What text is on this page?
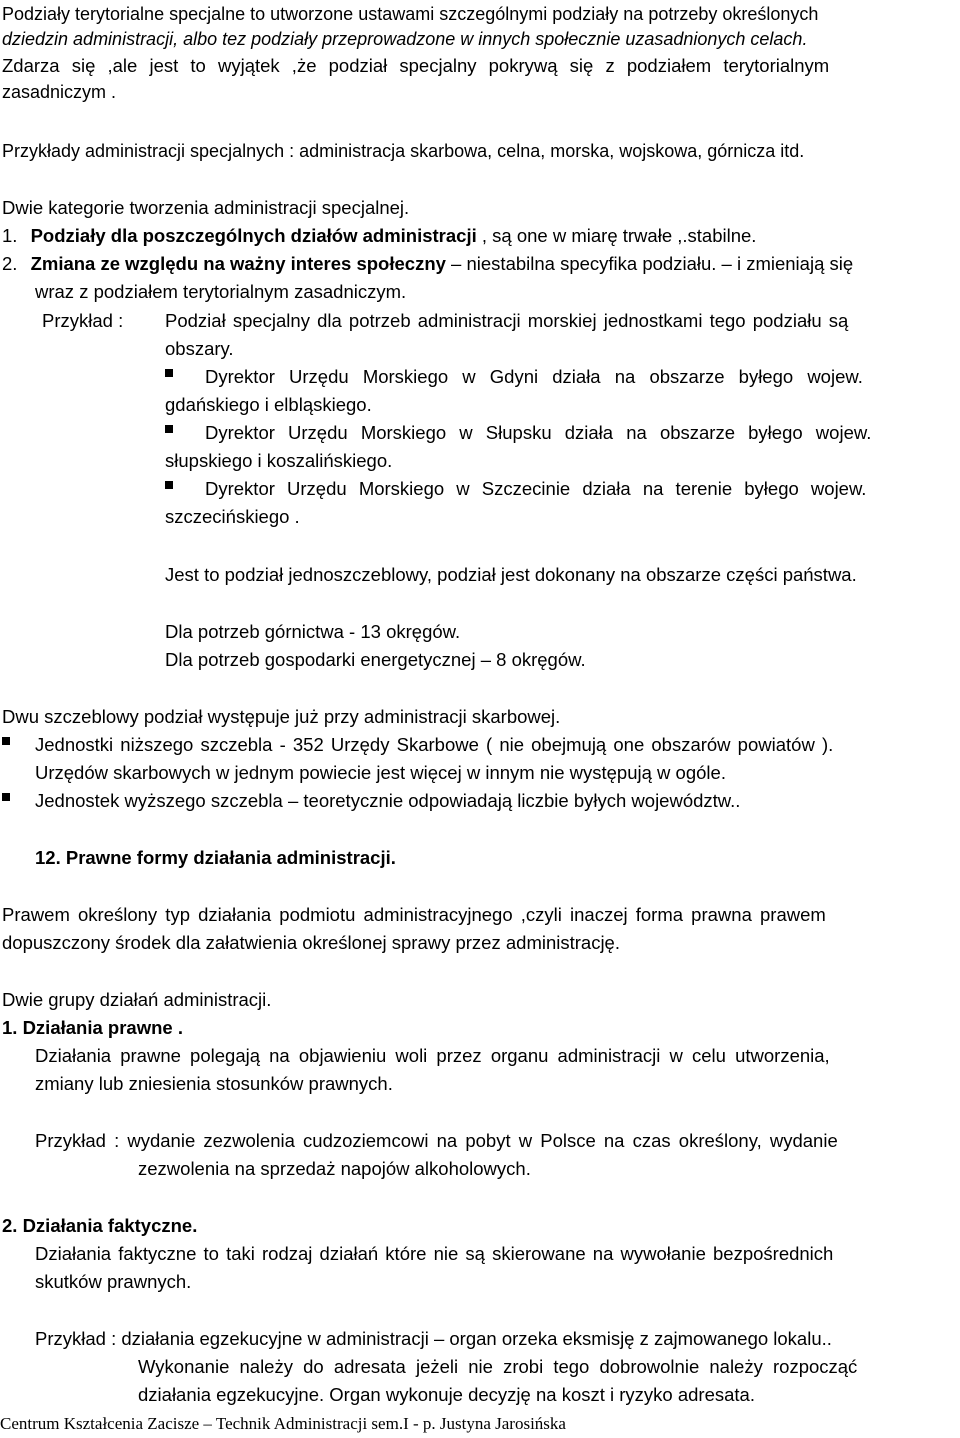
Podziały terytorialne specjalne to utworzone ustawami szczególnymi podziały na potrzeby określonych
dziedzin administracji, albo tez podziały przeprowadzone w innych społecznie uzasadnionych celach.
Zdarza się ,ale jest to wyjątek ,że podział specjalny pokrywą się z podziałem terytorialnym
zasadniczym .
Przykłady administracji specjalnych : administracja skarbowa, celna, morska, wojskowa, górnicza itd.
Dwie kategorie tworzenia administracji specjalnej.
1. Podziały dla poszczególnych działów administracji , są one w miarę trwałe ,.stabilne.
2. Zmiana ze względu na ważny interes społeczny – niestabilna specyfika podziału. – i zmieniają się
wraz z podziałem terytorialnym zasadniczym.
Przykład : Podział specjalny dla potrzeb administracji morskiej jednostkami tego podziału są
obszary.
Dyrektor Urzędu Morskiego w Gdyni działa na obszarze byłego wojew.
gdańskiego i elbląskiego.
Dyrektor Urzędu Morskiego w Słupsku działa na obszarze byłego wojew.
słupskiego i koszalińskiego.
Dyrektor Urzędu Morskiego w Szczecinie działa na terenie byłego wojew.
szczecińskiego .
Jest to podział jednoszczeblowy, podział jest dokonany na obszarze części państwa.
Dla potrzeb górnictwa - 13 okręgów.
Dla potrzeb gospodarki energetycznej – 8 okręgów.
Dwu szczeblowy podział występuje już przy administracji skarbowej.
Jednostki niższego szczebla - 352 Urzędy Skarbowe ( nie obejmują one obszarów powiatów ).
Urzędów skarbowych w jednym powiecie jest więcej w innym nie występują w ogóle.
Jednostek wyższego szczebla – teoretycznie odpowiadają liczbie byłych województw..
12. Prawne formy działania administracji.
Prawem określony typ działania podmiotu administracyjnego ,czyli inaczej forma prawna prawem
dopuszczony środek dla załatwienia określonej sprawy przez administrację.
Dwie grupy działań administracji.
1. Działania prawne .
Działania prawne polegają na objawieniu woli przez organu administracji w celu utworzenia,
zmiany lub zniesienia stosunków prawnych.
Przykład : wydanie zezwolenia cudzoziemcowi na pobyt w Polsce na czas określony, wydanie
zezwolenia na sprzedaż napojów alkoholowych.
2. Działania faktyczne.
Działania faktyczne to taki rodzaj działań które nie są skierowane na wywołanie bezpośrednich
skutków prawnych.
Przykład : działania egzekucyjne w administracji – organ orzeka eksmisję z zajmowanego lokalu..
Wykonanie należy do adresata jeżeli nie zrobi tego dobrowolnie należy rozpocząć
działania egzekucyjne. Organ wykonuje decyzję na koszt i ryzyko adresata.
Centrum Kształcenia Zacisze – Technik Administracji sem.I - p. Justyna Jarosińska
